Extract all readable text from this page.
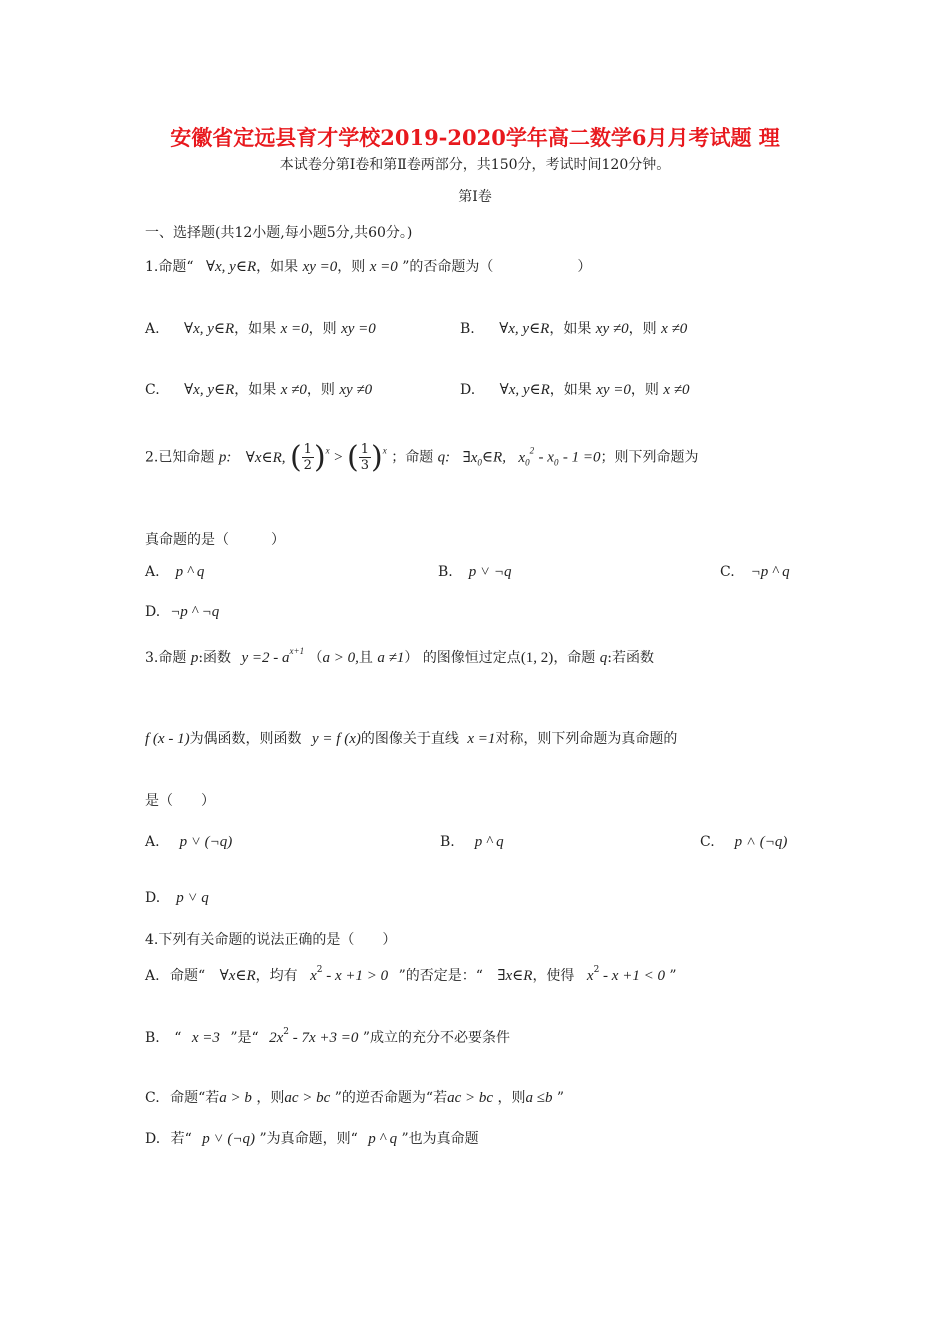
安徽省定远县育才学校2019-2020学年高二数学6月月考试题 理
本试卷分第Ⅰ卷和第Ⅱ卷两部分，共150分，考试时间120分钟。
第Ⅰ卷
一、选择题(共12小题,每小题5分,共60分。)
1.命题“ ∀x, y∈R，如果 xy =0，则 x =0 ”的否命题为（　　　　　　）
A. ∀x, y∈R，如果 x =0，则 xy =0	B. ∀x, y∈R，如果 xy ≠0，则 x ≠0
C. ∀x, y∈R，如果 x ≠0，则 xy ≠0	D. ∀x, y∈R，如果 xy =0，则 x ≠0
2.已知命题 p: ∀x∈R, ( $\frac{1}{2} )^x$ > ( $\frac{1}{3} )^x$ ；命题 q: $\exists x_0\in R$, $x_0^2 - x_0 - 1 =0$；则下列命题为
真命题的是（　　　）
A. p ^ q	B. p ˅ ¬q	C. ¬p ^ q
D. ¬p ^ ¬q
3.命题 p:函数 $y =2 - a^{x+1}$ （a > 0,且 a ≠1） 的图像恒过定点(1, 2)，命题 q:若函数
f (x - 1)为偶函数，则函数 y = f (x)的图像关于直线 x =1对称，则下列命题为真命题的
是（　　）
A. p ˅ (¬q)	B. p ^ q	C. p ˄ (¬q)
D. p ˅ q
4.下列有关命题的说法正确的是（　　）
A. 命题“ ∀x∈R，均有 $x^2 - x +1 > 0$ ”的否定是：“ ∃x∈R，使得 $x^2 - x +1 < 0$ ”
B. “ x =3 ”是“ $2x^2 - 7x +3 =0$ ”成立的充分不必要条件
C. 命题“若a > b ，则ac > bc ”的逆否命题为“若ac > bc ，则a ≤b ”
D. 若“ p ˅ (¬q) ”为真命题，则“ p ^ q ”也为真命题
